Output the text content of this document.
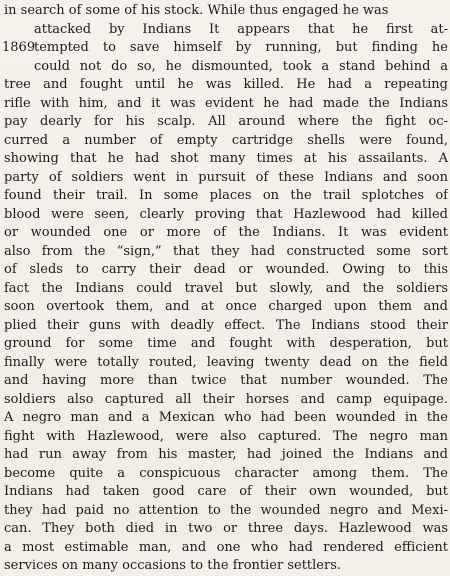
in search of some of his stock. While thus engaged he was
attacked by Indians It appears that he first at-
tempted to save himself by running, but finding he
could not do so, he dismounted, took a stand behind a
tree and fought until he was killed. He had a repeating
rifle with him, and it was evident he had made the Indians
pay dearly for his scalp. All around where the fight oc-
curred a number of empty cartridge shells were found,
showing that he had shot many times at his assailants. A
party of soldiers went in pursuit of these Indians and soon
found their trail. In some places on the trail splotches of
blood were seen, clearly proving that Hazlewood had killed
or wounded one or more of the Indians. It was evident
also from the “sign,” that they had constructed some sort
of sleds to carry their dead or wounded. Owing to this
fact the Indians could travel but slowly, and the soldiers
soon overtook them, and at once charged upon them and
plied their guns with deadly effect. The Indians stood their
ground for some time and fought with desperation, but
finally were totally routed, leaving twenty dead on the field
and having more than twice that number wounded. The
soldiers also captured all their horses and camp equipage.
A negro man and a Mexican who had been wounded in the
fight with Hazlewood, were also captured. The negro man
had run away from his master, had joined the Indians and
become quite a conspicuous character among them. The
Indians had taken good care of their own wounded, but
they had paid no attention to the wounded negro and Mexi-
can. They both died in two or three days. Hazlewood was
a most estimable man, and one who had rendered efficient
services on many occasions to the frontier settlers.
1869
